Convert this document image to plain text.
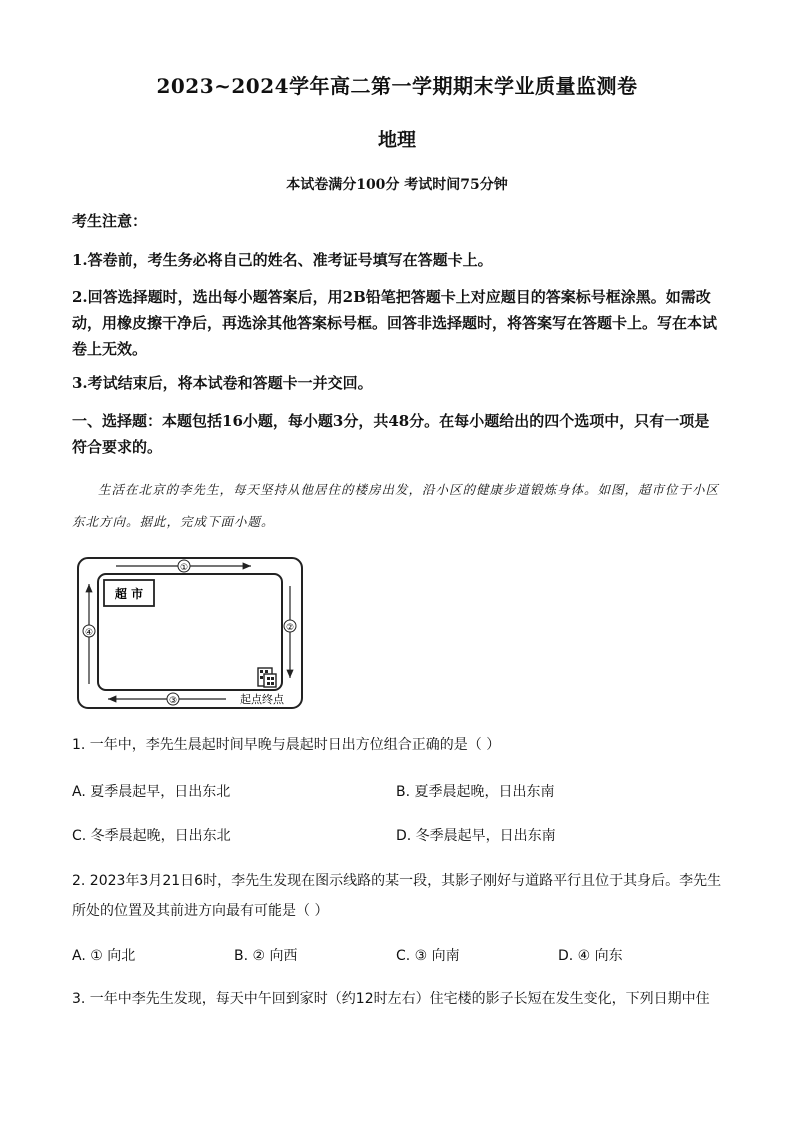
2023~2024学年高二第一学期期末学业质量监测卷
地理
本试卷满分100分 考试时间75分钟
考生注意：
1.答卷前，考生务必将自己的姓名、准考证号填写在答题卡上。
2.回答选择题时，选出每小题答案后，用2B铅笔把答题卡上对应题目的答案标号框涂黑。如需改动，用橡皮擦干净后，再选涂其他答案标号框。回答非选择题时，将答案写在答题卡上。写在本试卷上无效。
3.考试结束后，将本试卷和答题卡一并交回。
一、选择题：本题包括16小题，每小题3分，共48分。在每小题给出的四个选项中，只有一项是符合要求的。
生活在北京的李先生，每天坚持从他居住的楼房出发，沿小区的健康步道锻炼身体。如图，超市位于小区东北方向。据此，完成下面小题。
①
②
③
④
超 市
起点终点
1. 一年中，李先生晨起时间早晚与晨起时日出方位组合正确的是（ ）
A. 夏季晨起早，日出东北	B. 夏季晨起晚，日出东南
C. 冬季晨起晚，日出东北	D. 冬季晨起早，日出东南
2. 2023年3月21日6时，李先生发现在图示线路的某一段，其影子刚好与道路平行且位于其身后。李先生所处的位置及其前进方向最有可能是（ ）
A. ① 向北	B. ② 向西	C. ③ 向南	D. ④ 向东
3. 一年中李先生发现，每天中午回到家时（约12时左右）住宅楼的影子长短在发生变化，下列日期中住
